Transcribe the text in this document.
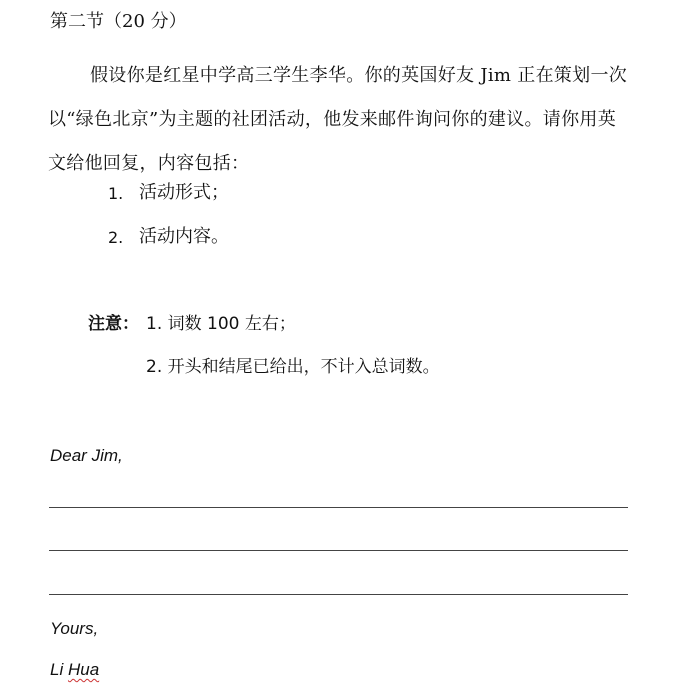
第二节（20 分）
假设你是红星中学高三学生李华。你的英国好友 Jim 正在策划一次以“绿色北京”为主题的社团活动，他发来邮件询问你的建议。请你用英文给他回复，内容包括：
1. 活动形式；
2. 活动内容。
注意： 1. 词数 100 左右；
2. 开头和结尾已给出，不计入总词数。
Dear Jim,
Yours,
Li Hua
